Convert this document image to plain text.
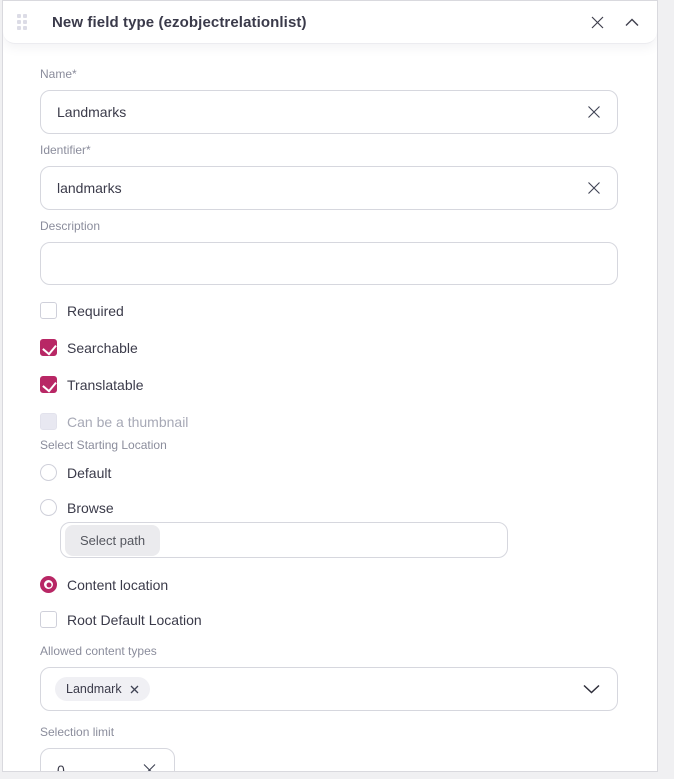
New field type (ezobjectrelationlist)
Name*
Landmarks
Identifier*
landmarks
Description
Required
Searchable
Translatable
Can be a thumbnail
Select Starting Location
Default
Browse
Select path
Content location
Root Default Location
Allowed content types
Landmark
Selection limit
0
